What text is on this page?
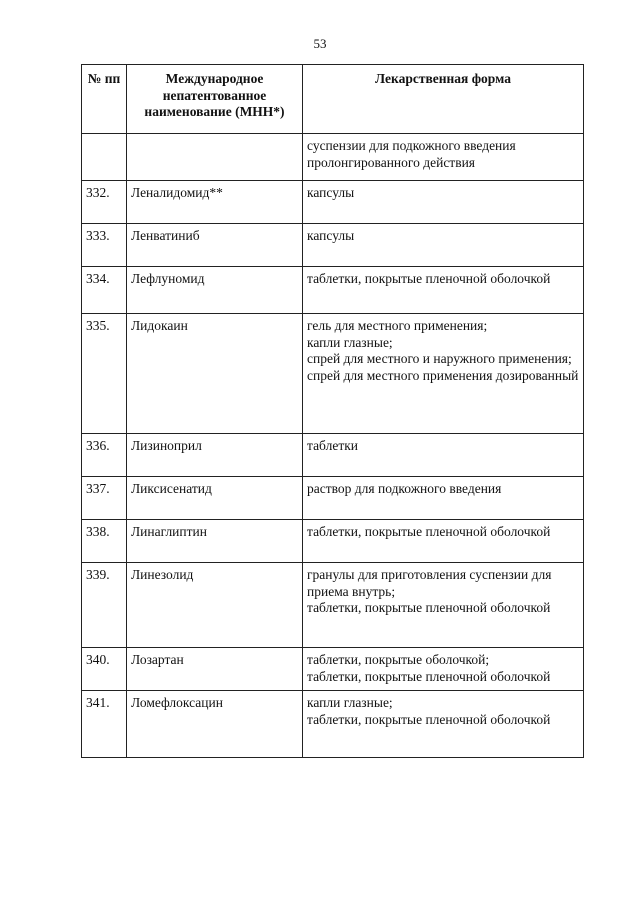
53
№ пп	Международное непатентованное наименование (МНН*)	Лекарственная форма

		суспензии для подкожного введения пролонгированного действия

332.	Леналидомид**	капсулы

333.	Ленватиниб	капсулы

334.	Лефлуномид	таблетки, покрытые пленочной оболочкой

335.	Лидокаин	гель для местного применения;
капли глазные;
спрей для местного и наружного применения;
спрей для местного применения дозированный

336.	Лизиноприл	таблетки

337.	Ликсисенатид	раствор для подкожного введения

338.	Линаглиптин	таблетки, покрытые пленочной оболочкой

339.	Линезолид	гранулы для приготовления суспензии для приема внутрь;
таблетки, покрытые пленочной оболочкой

340.	Лозартан	таблетки, покрытые оболочкой;
таблетки, покрытые пленочной оболочкой

341.	Ломефлоксацин	капли глазные;
таблетки, покрытые пленочной оболочкой
